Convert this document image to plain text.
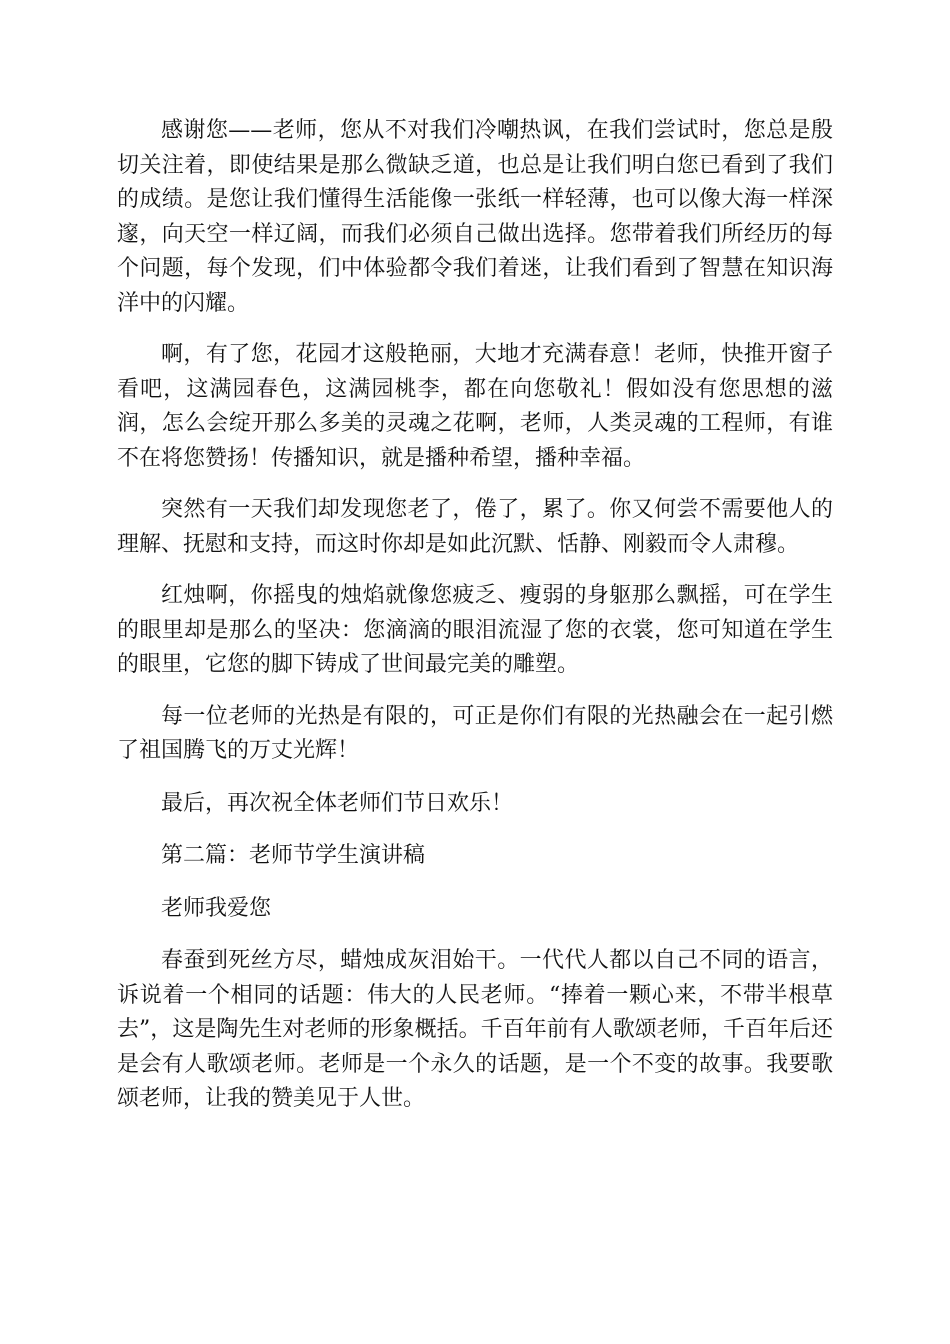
感谢您——老师，您从不对我们冷嘲热讽，在我们尝试时，您总是殷切关注着，即使结果是那么微缺乏道，也总是让我们明白您已看到了我们的成绩。是您让我们懂得生活能像一张纸一样轻薄，也可以像大海一样深邃，向天空一样辽阔，而我们必须自己做出选择。您带着我们所经历的每个问题，每个发现，们中体验都令我们着迷，让我们看到了智慧在知识海洋中的闪耀。

啊，有了您，花园才这般艳丽，大地才充满春意！老师，快推开窗子看吧，这满园春色，这满园桃李，都在向您敬礼！假如没有您思想的滋润，怎么会绽开那么多美的灵魂之花啊，老师，人类灵魂的工程师，有谁不在将您赞扬！传播知识，就是播种希望，播种幸福。

突然有一天我们却发现您老了，倦了，累了。你又何尝不需要他人的理解、抚慰和支持，而这时你却是如此沉默、恬静、刚毅而令人肃穆。

红烛啊，你摇曳的烛焰就像您疲乏、瘦弱的身躯那么飘摇，可在学生的眼里却是那么的坚决：您滴滴的眼泪流湿了您的衣裳，您可知道在学生的眼里，它您的脚下铸成了世间最完美的雕塑。

每一位老师的光热是有限的，可正是你们有限的光热融会在一起引燃了祖国腾飞的万丈光辉！

最后，再次祝全体老师们节日欢乐！

第二篇：老师节学生演讲稿

老师我爱您

春蚕到死丝方尽，蜡烛成灰泪始干。一代代人都以自己不同的语言，诉说着一个相同的话题：伟大的人民老师。“捧着一颗心来，不带半根草去”，这是陶先生对老师的形象概括。千百年前有人歌颂老师，千百年后还是会有人歌颂老师。老师是一个永久的话题，是一个不变的故事。我要歌颂老师，让我的赞美见于人世。
